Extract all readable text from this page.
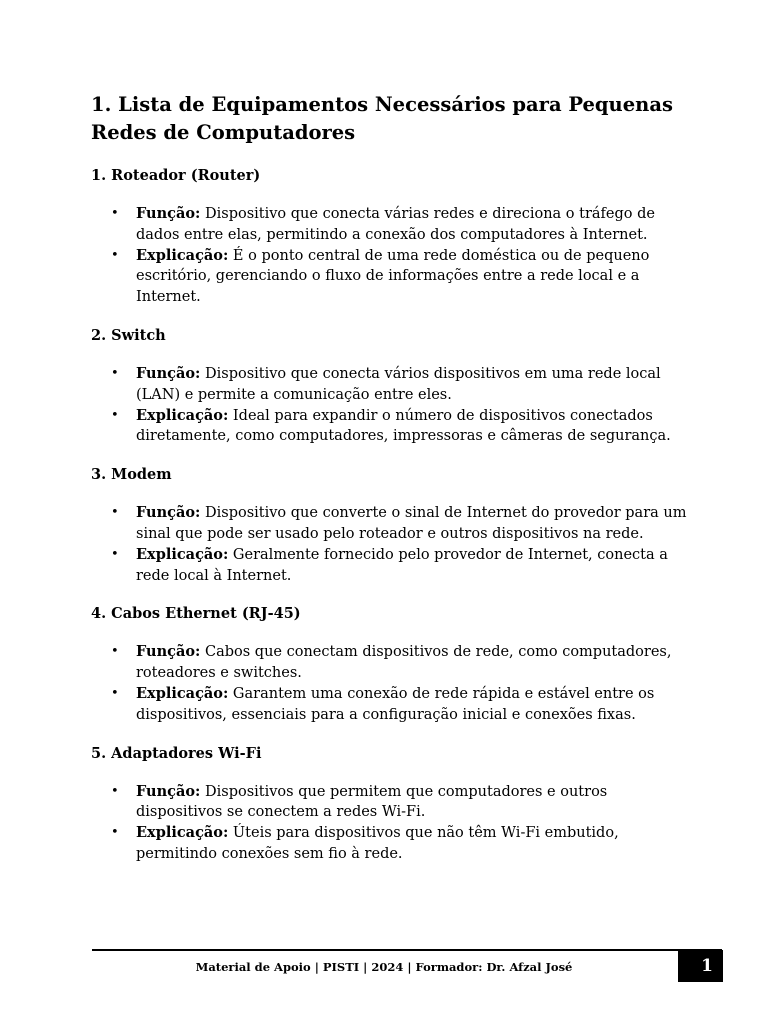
1. Lista de Equipamentos Necessários para Pequenas Redes de Computadores
1. Roteador (Router)
• Função: Dispositivo que conecta várias redes e direciona o tráfego de dados entre elas, permitindo a conexão dos computadores à Internet.
• Explicação: É o ponto central de uma rede doméstica ou de pequeno escritório, gerenciando o fluxo de informações entre a rede local e a Internet.
2. Switch
• Função: Dispositivo que conecta vários dispositivos em uma rede local (LAN) e permite a comunicação entre eles.
• Explicação: Ideal para expandir o número de dispositivos conectados diretamente, como computadores, impressoras e câmeras de segurança.
3. Modem
• Função: Dispositivo que converte o sinal de Internet do provedor para um sinal que pode ser usado pelo roteador e outros dispositivos na rede.
• Explicação: Geralmente fornecido pelo provedor de Internet, conecta a rede local à Internet.
4. Cabos Ethernet (RJ-45)
• Função: Cabos que conectam dispositivos de rede, como computadores, roteadores e switches.
• Explicação: Garantem uma conexão de rede rápida e estável entre os dispositivos, essenciais para a configuração inicial e conexões fixas.
5. Adaptadores Wi-Fi
• Função: Dispositivos que permitem que computadores e outros dispositivos se conectem a redes Wi-Fi.
• Explicação: Úteis para dispositivos que não têm Wi-Fi embutido, permitindo conexões sem fio à rede.
Material de Apoio | PISTI | 2024 | Formador: Dr. Afzal José	1
